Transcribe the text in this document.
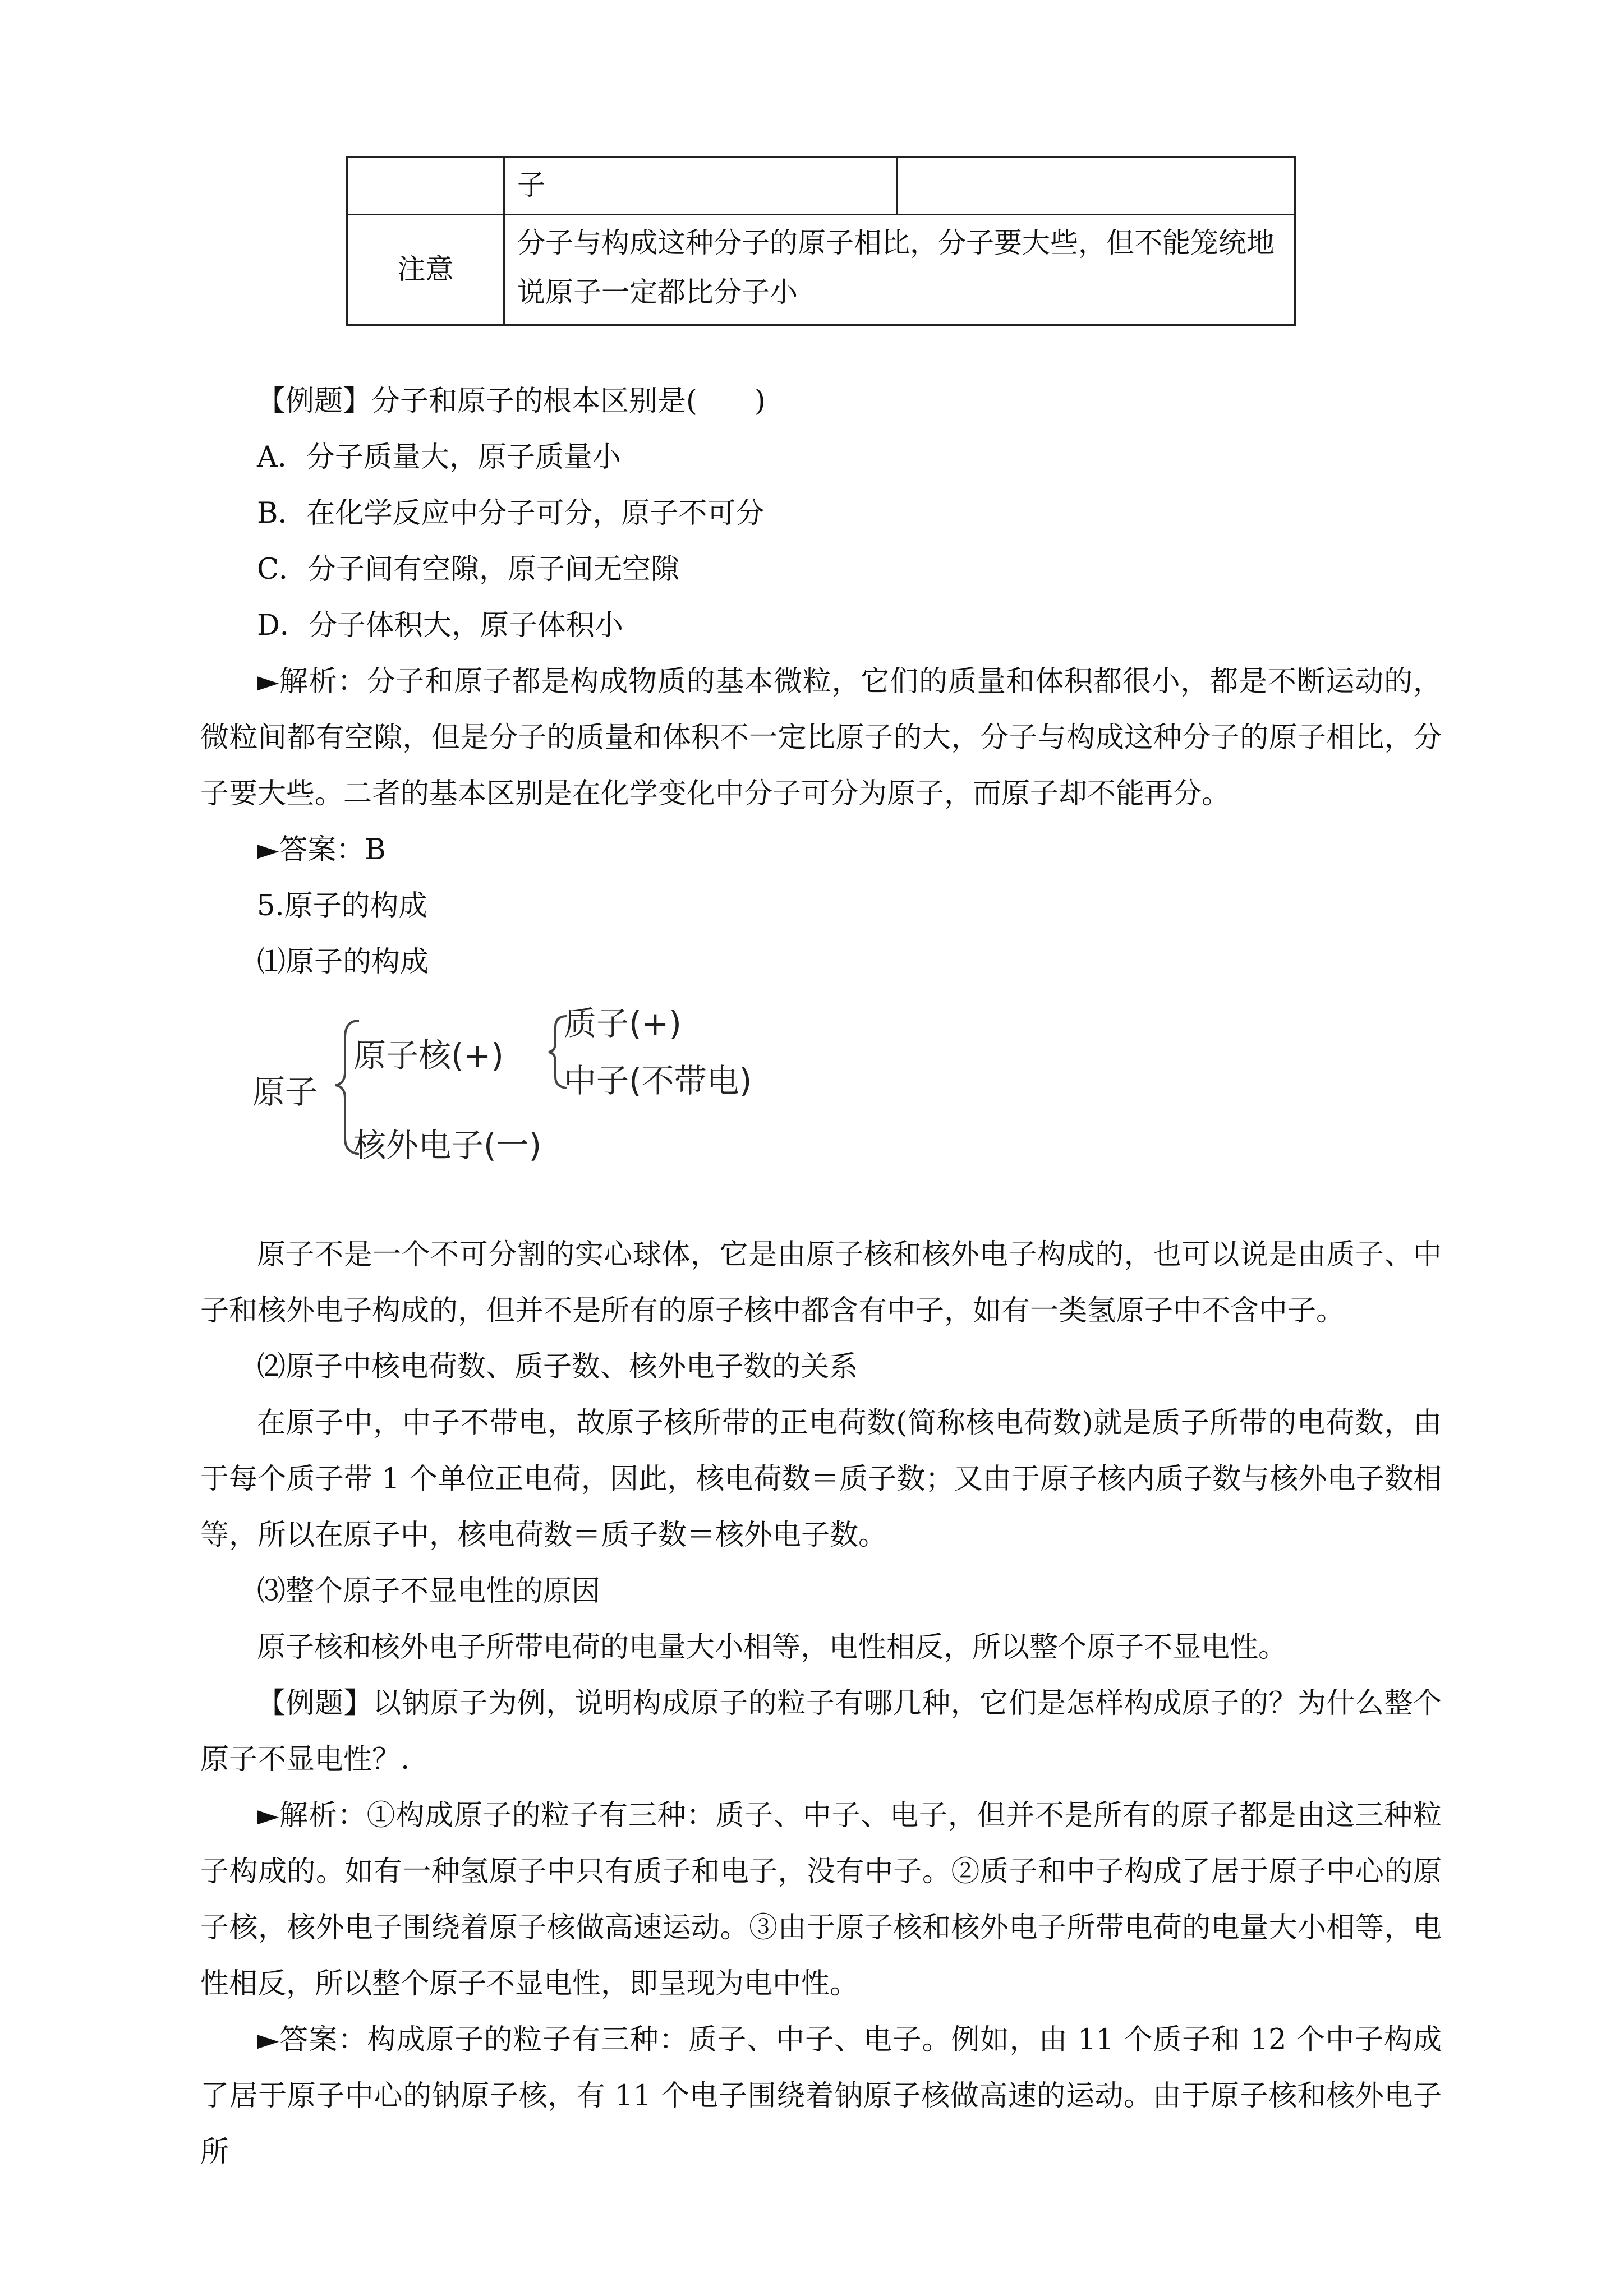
	子	
注意	分子与构成这种分子的原子相比，分子要大些，但不能笼统地说原子一定都比分子小	

【例题】分子和原子的根本区别是(　　)

A．分子质量大，原子质量小

B．在化学反应中分子可分，原子不可分

C．分子间有空隙，原子间无空隙

D．分子体积大，原子体积小

►解析：分子和原子都是构成物质的基本微粒，它们的质量和体积都很小，都是不断运动的，微粒间都有空隙，但是分子的质量和体积不一定比原子的大，分子与构成这种分子的原子相比，分子要大些。二者的基本区别是在化学变化中分子可分为原子，而原子却不能再分。

►答案：B

5.原子的构成

⑴原子的构成

原子
原子核(+)
质子(+)
中子(不带电)
核外电子(一)

原子不是一个不可分割的实心球体，它是由原子核和核外电子构成的，也可以说是由质子、中子和核外电子构成的，但并不是所有的原子核中都含有中子，如有一类氢原子中不含中子。

⑵原子中核电荷数、质子数、核外电子数的关系

在原子中，中子不带电，故原子核所带的正电荷数(简称核电荷数)就是质子所带的电荷数，由于每个质子带 1 个单位正电荷，因此，核电荷数＝质子数；又由于原子核内质子数与核外电子数相等，所以在原子中，核电荷数＝质子数＝核外电子数。

⑶整个原子不显电性的原因

原子核和核外电子所带电荷的电量大小相等，电性相反，所以整个原子不显电性。

【例题】以钠原子为例，说明构成原子的粒子有哪几种，它们是怎样构成原子的？为什么整个原子不显电性？.

►解析：①构成原子的粒子有三种：质子、中子、电子，但并不是所有的原子都是由这三种粒子构成的。如有一种氢原子中只有质子和电子，没有中子。②质子和中子构成了居于原子中心的原子核，核外电子围绕着原子核做高速运动。③由于原子核和核外电子所带电荷的电量大小相等，电性相反，所以整个原子不显电性，即呈现为电中性。

►答案：构成原子的粒子有三种：质子、中子、电子。例如，由 11 个质子和 12 个中子构成了居于原子中心的钠原子核，有 11 个电子围绕着钠原子核做高速的运动。由于原子核和核外电子所
